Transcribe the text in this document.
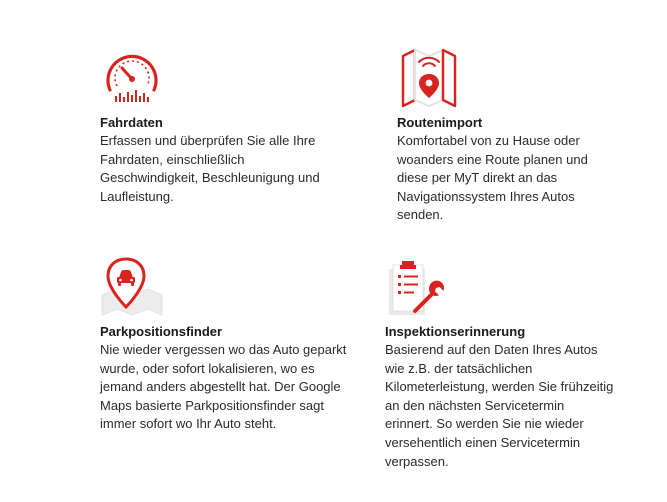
Fahrdaten

Erfassen und überprüfen Sie alle Ihre Fahrdaten, einschließlich Geschwindigkeit, Beschleunigung und Laufleistung.

Routenimport

Komfortabel von zu Hause oder woanders eine Route planen und diese per MyT direkt an das Navigationssystem Ihres Autos senden.

Parkpositionsfinder

Nie wieder vergessen wo das Auto geparkt wurde, oder sofort lokalisieren, wo es jemand anders abgestellt hat. Der Google Maps basierte Parkpositionsfinder sagt immer sofort wo Ihr Auto steht.

Inspektionserinnerung

Basierend auf den Daten Ihres Autos wie z.B. der tatsächlichen Kilometerleistung, werden Sie frühzeitig an den nächsten Servicetermin erinnert. So werden Sie nie wieder versehentlich einen Servicetermin verpassen.
